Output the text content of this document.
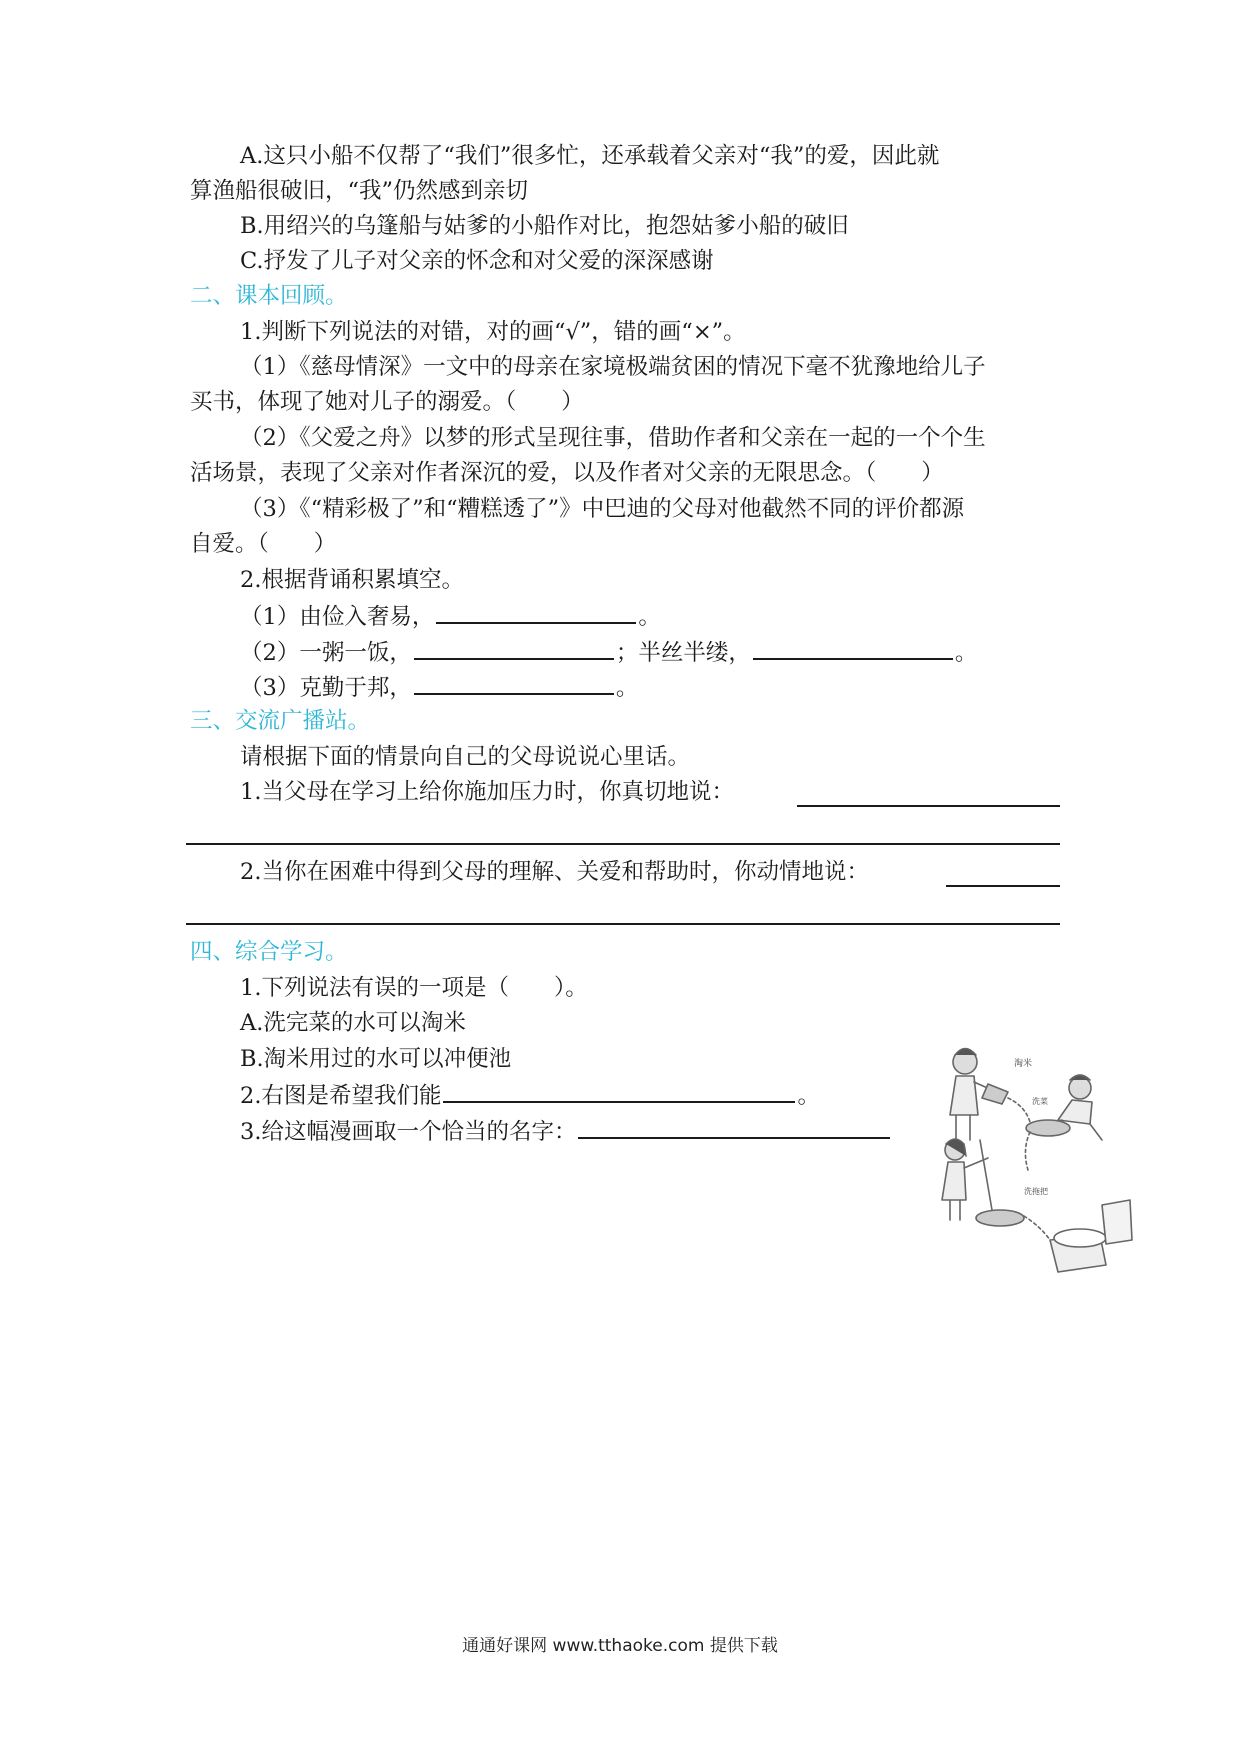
A.这只小船不仅帮了“我们”很多忙，还承载着父亲对“我”的爱，因此就
算渔船很破旧，“我”仍然感到亲切
B.用绍兴的乌篷船与姑爹的小船作对比，抱怨姑爹小船的破旧
C.抒发了儿子对父亲的怀念和对父爱的深深感谢
二、课本回顾。
1.判断下列说法的对错，对的画“√”，错的画“×”。
（1）《慈母情深》一文中的母亲在家境极端贫困的情况下毫不犹豫地给儿子
买书，体现了她对儿子的溺爱。（　　）
（2）《父爱之舟》以梦的形式呈现往事，借助作者和父亲在一起的一个个生
活场景，表现了父亲对作者深沉的爱，以及作者对父亲的无限思念。（　　）
（3）《“精彩极了”和“糟糕透了”》中巴迪的父母对他截然不同的评价都源
自爱。（　　）
2.根据背诵积累填空。
（1）由俭入奢易，	。
（2）一粥一饭，	；半丝半缕，	。
（3）克勤于邦，	。
三、交流广播站。
请根据下面的情景向自己的父母说说心里话。
1.当父母在学习上给你施加压力时，你真切地说：
2.当你在困难中得到父母的理解、关爱和帮助时，你动情地说：
四、综合学习。
1.下列说法有误的一项是（　　）。
A.洗完菜的水可以淘米
B.淘米用过的水可以冲便池
2.右图是希望我们能	。
3.给这幅漫画取一个恰当的名字：
淘米
洗菜
洗拖把
通通好课网 www.tthaoke.com 提供下载
